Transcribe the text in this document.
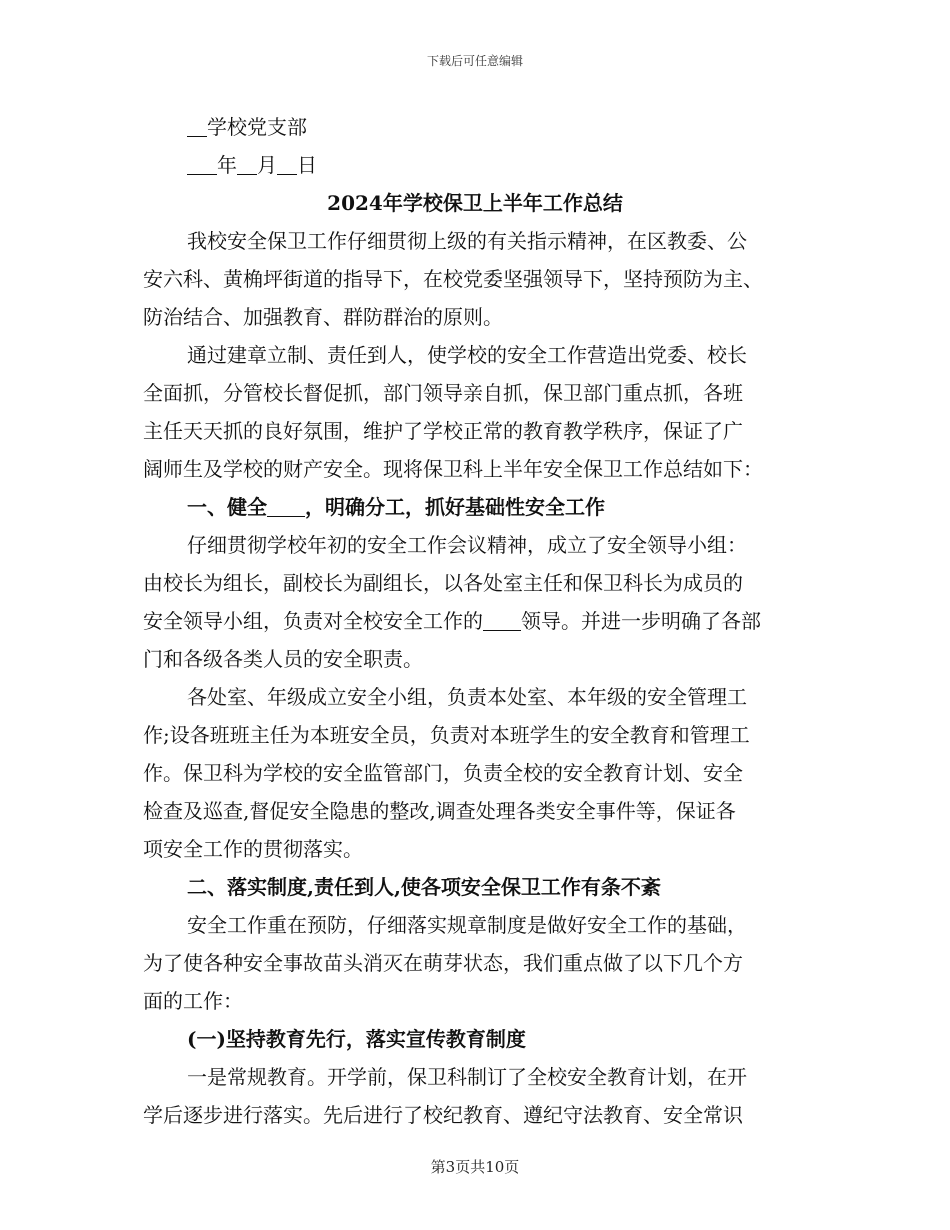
下载后可任意编辑
学校党支部
年 月 日
2024年学校保卫上半年工作总结
我校安全保卫工作仔细贯彻上级的有关指示精神，在区教委、公
安六科、黄桷坪街道的指导下，在校党委坚强领导下，坚持预防为主、
防治结合、加强教育、群防群治的原则。
通过建章立制、责任到人，使学校的安全工作营造出党委、校长
全面抓，分管校长督促抓，部门领导亲自抓，保卫部门重点抓，各班
主任天天抓的良好氛围，维护了学校正常的教育教学秩序，保证了广
阔师生及学校的财产安全。现将保卫科上半年安全保卫工作总结如下：
一、健全 ，明确分工，抓好基础性安全工作
仔细贯彻学校年初的安全工作会议精神，成立了安全领导小组：
由校长为组长，副校长为副组长，以各处室主任和保卫科长为成员的
安全领导小组，负责对全校安全工作的 领导。并进一步明确了各部
门和各级各类人员的安全职责。
各处室、年级成立安全小组，负责本处室、本年级的安全管理工
作;设各班班主任为本班安全员，负责对本班学生的安全教育和管理工
作。保卫科为学校的安全监管部门，负责全校的安全教育计划、安全
检查及巡查,督促安全隐患的整改,调查处理各类安全事件等，保证各
项安全工作的贯彻落实。
二、落实制度,责任到人,使各项安全保卫工作有条不紊
安全工作重在预防，仔细落实规章制度是做好安全工作的基础，
为了使各种安全事故苗头消灭在萌芽状态，我们重点做了以下几个方
面的工作：
(一)坚持教育先行，落实宣传教育制度
一是常规教育。开学前，保卫科制订了全校安全教育计划，在开
学后逐步进行落实。先后进行了校纪教育、遵纪守法教育、安全常识
第3页共10页
